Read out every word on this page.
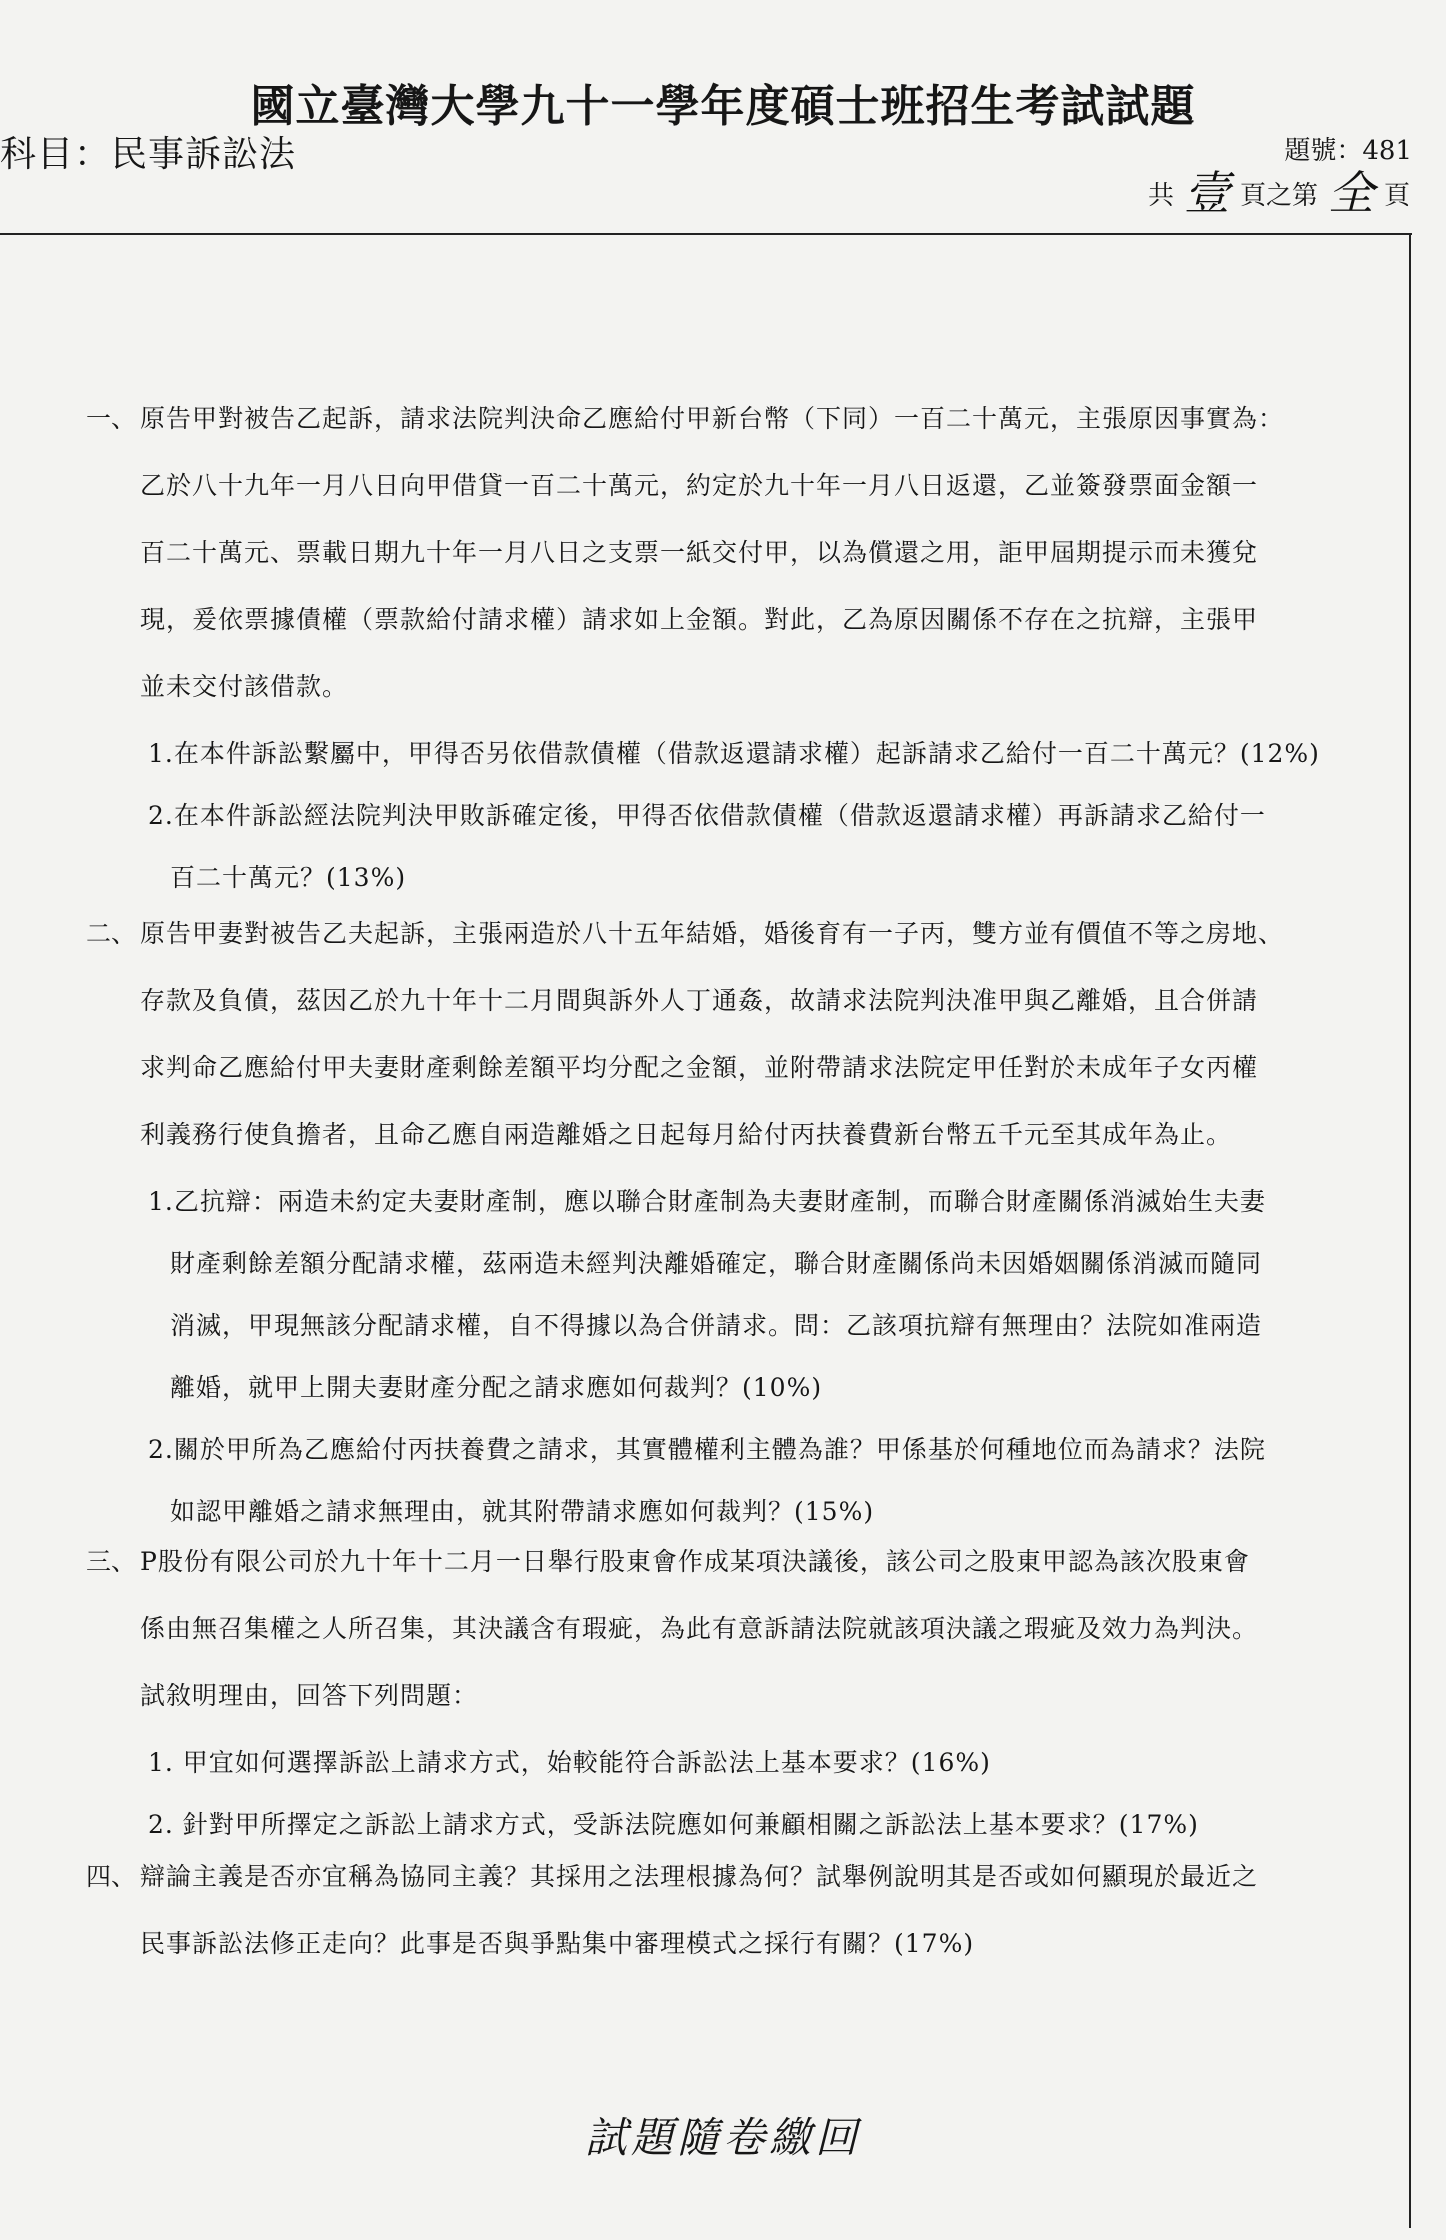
國立臺灣大學九十一學年度碩士班招生考試試題
科目：民事訴訟法	題號：481
共 壹 頁之第 全 頁
一、 原告甲對被告乙起訴，請求法院判決命乙應給付甲新台幣（下同）一百二十萬元，主張原因事實為：
乙於八十九年一月八日向甲借貸一百二十萬元，約定於九十年一月八日返還，乙並簽發票面金額一
百二十萬元、票載日期九十年一月八日之支票一紙交付甲，以為償還之用，詎甲屆期提示而未獲兌
現，爰依票據債權（票款給付請求權）請求如上金額。對此，乙為原因關係不存在之抗辯，主張甲
並未交付該借款。
1.在本件訴訟繫屬中，甲得否另依借款債權（借款返還請求權）起訴請求乙給付一百二十萬元？(12%)
2.在本件訴訟經法院判決甲敗訴確定後，甲得否依借款債權（借款返還請求權）再訴請求乙給付一
百二十萬元？(13%)
二、 原告甲妻對被告乙夫起訴，主張兩造於八十五年結婚，婚後育有一子丙，雙方並有價值不等之房地、
存款及負債，茲因乙於九十年十二月間與訴外人丁通姦，故請求法院判決准甲與乙離婚，且合併請
求判命乙應給付甲夫妻財產剩餘差額平均分配之金額，並附帶請求法院定甲任對於未成年子女丙權
利義務行使負擔者，且命乙應自兩造離婚之日起每月給付丙扶養費新台幣五千元至其成年為止。
1.乙抗辯：兩造未約定夫妻財產制，應以聯合財產制為夫妻財產制，而聯合財產關係消滅始生夫妻
財產剩餘差額分配請求權，茲兩造未經判決離婚確定，聯合財產關係尚未因婚姻關係消滅而隨同
消滅，甲現無該分配請求權，自不得據以為合併請求。問：乙該項抗辯有無理由？法院如准兩造
離婚，就甲上開夫妻財產分配之請求應如何裁判？(10%)
2.關於甲所為乙應給付丙扶養費之請求，其實體權利主體為誰？甲係基於何種地位而為請求？法院
如認甲離婚之請求無理由，就其附帶請求應如何裁判？(15%)
三、 P股份有限公司於九十年十二月一日舉行股東會作成某項決議後，該公司之股東甲認為該次股東會
係由無召集權之人所召集，其決議含有瑕疵，為此有意訴請法院就該項決議之瑕疵及效力為判決。
試敘明理由，回答下列問題：
1. 甲宜如何選擇訴訟上請求方式，始較能符合訴訟法上基本要求？(16%)
2. 針對甲所擇定之訴訟上請求方式，受訴法院應如何兼顧相關之訴訟法上基本要求？(17%)
四、 辯論主義是否亦宜稱為協同主義？其採用之法理根據為何？試舉例說明其是否或如何顯現於最近之
民事訴訟法修正走向？此事是否與爭點集中審理模式之採行有關？(17%)
試題隨卷繳回
